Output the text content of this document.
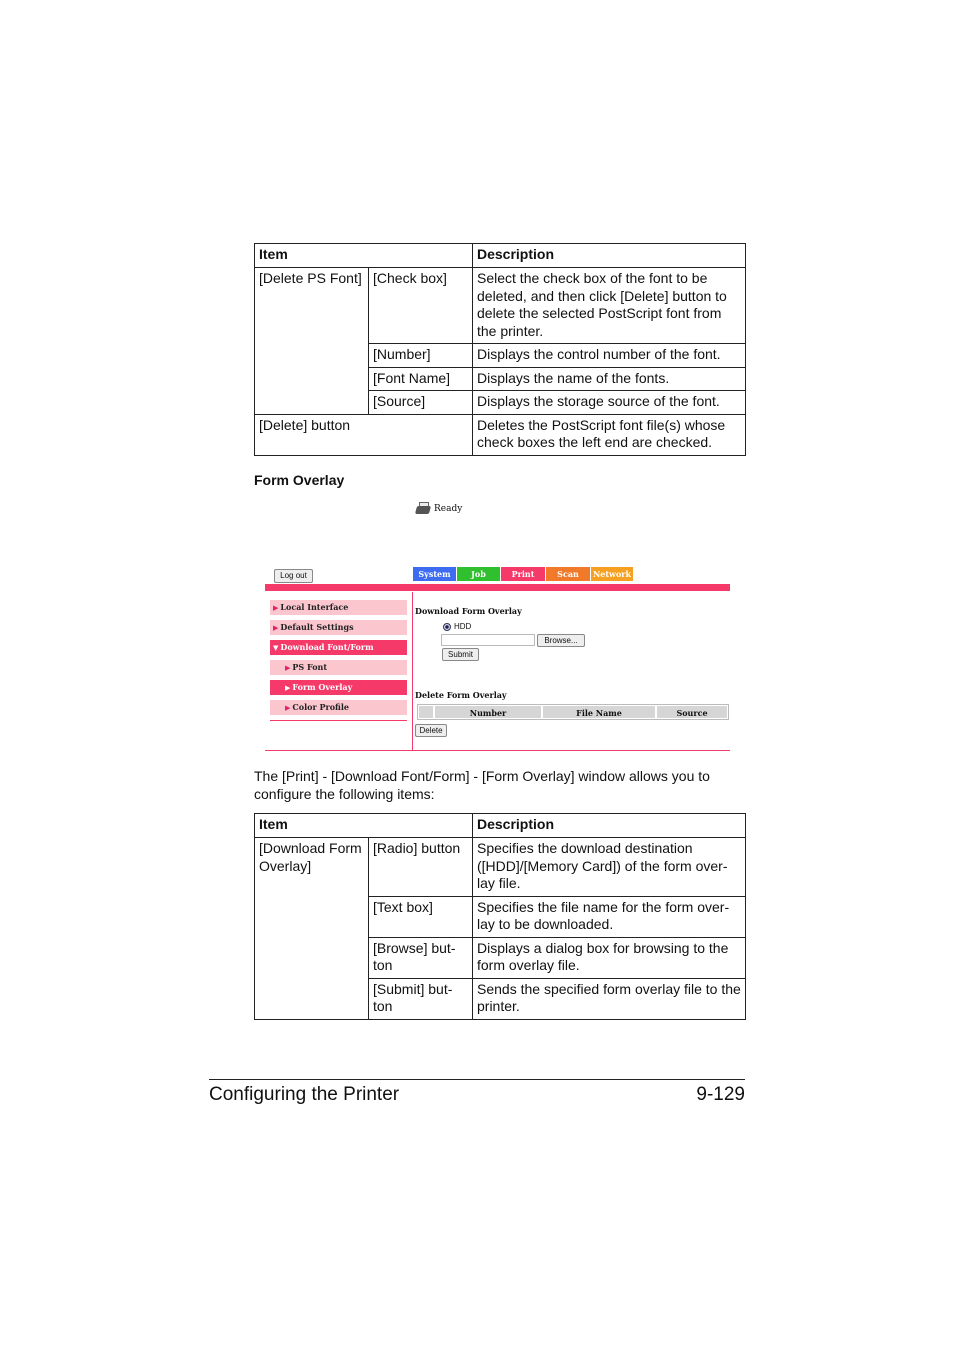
Item		Description
[Delete PS Font]	[Check box]	Select the check box of the font to be deleted, and then click [Delete] button to delete the selected PostScript font from the printer.
	[Number]	Displays the control number of the font.
	[Font Name]	Displays the name of the fonts.
	[Source]	Displays the storage source of the font.
[Delete] button		Deletes the PostScript font file(s) whose check boxes the left end are checked.
Form Overlay
Ready
Log out	System	Job	Print	Scan	Network
▶ Local Interface
▶ Default Settings
▼ Download Font/Form
▶ PS Font
▶ Form Overlay
▶ Color Profile
Download Form Overlay
HDD
Browse...
Submit
Delete Form Overlay
Number	File Name	Source
Delete
The [Print] - [Download Font/Form] - [Form Overlay] window allows you to configure the following items:
Item		Description
[Download Form Overlay]	[Radio] button	Specifies the download destination ([HDD]/[Memory Card]) of the form over- lay file.
	[Text box]	Specifies the file name for the form over- lay to be downloaded.
	[Browse] but- ton	Displays a dialog box for browsing to the form overlay file.
	[Submit] but- ton	Sends the specified form overlay file to the printer.
Configuring the Printer	9-129
